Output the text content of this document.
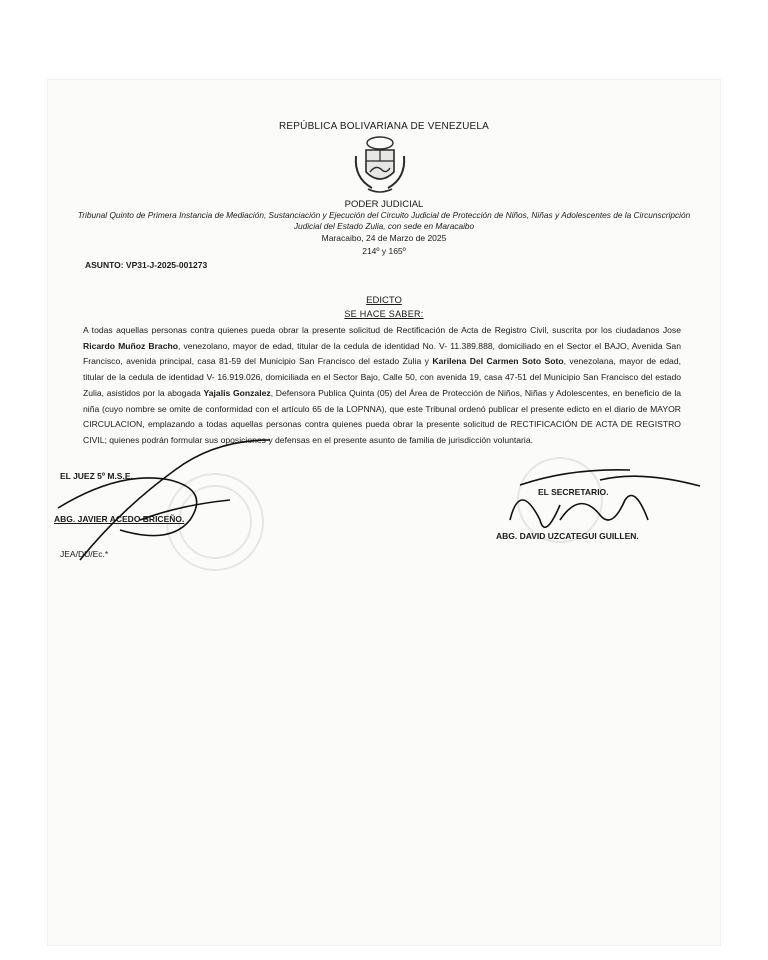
REPÚBLICA BOLIVARIANA DE VENEZUELA
PODER JUDICIAL
Tribunal Quinto de Primera Instancia de Mediación, Sustanciación y Ejecución del Circuito Judicial de Protección de Niños, Niñas y Adolescentes de la Circunscripción Judicial del Estado Zulia, con sede en Maracaibo
Maracaibo, 24 de Marzo de 2025
214º y 165º
ASUNTO: VP31-J-2025-001273
EDICTO
SE HACE SABER:
A todas aquellas personas contra quienes pueda obrar la presente solicitud de Rectificación de Acta de Registro Civil, suscrita por los ciudadanos Jose Ricardo Muñoz Bracho, venezolano, mayor de edad, titular de la cedula de identidad No. V- 11.389.888, domiciliado en el Sector el BAJO, Avenida San Francisco, avenida principal, casa 81-59 del Municipio San Francisco del estado Zulia y Karilena Del Carmen Soto Soto, venezolana, mayor de edad, titular de la cedula de identidad V- 16.919.026, domiciliada en el Sector Bajo, Calle 50, con avenida 19, casa 47-51 del Municipio San Francisco del estado Zulia, asistidos por la abogada Yajalis Gonzalez, Defensora Publica Quinta (05) del Área de Protección de Niños, Niñas y Adolescentes, en beneficio de la niña (cuyo nombre se omite de conformidad con el artículo 65 de la LOPNNA), que este Tribunal ordenó publicar el presente edicto en el diario de MAYOR CIRCULACION, emplazando a todas aquellas personas contra quienes pueda obrar la presente solicitud de RECTIFICACIÓN DE ACTA DE REGISTRO CIVIL; quienes podrán formular sus oposiciones y defensas en el presente asunto de familia de jurisdicción voluntaria.
EL JUEZ 5º M.S.E.
ABG. JAVIER ACEDO BRICEÑO.
JEA/DU/Ec.*
EL SECRETARIO.
ABG. DAVID UZCATEGUI GUILLEN.
